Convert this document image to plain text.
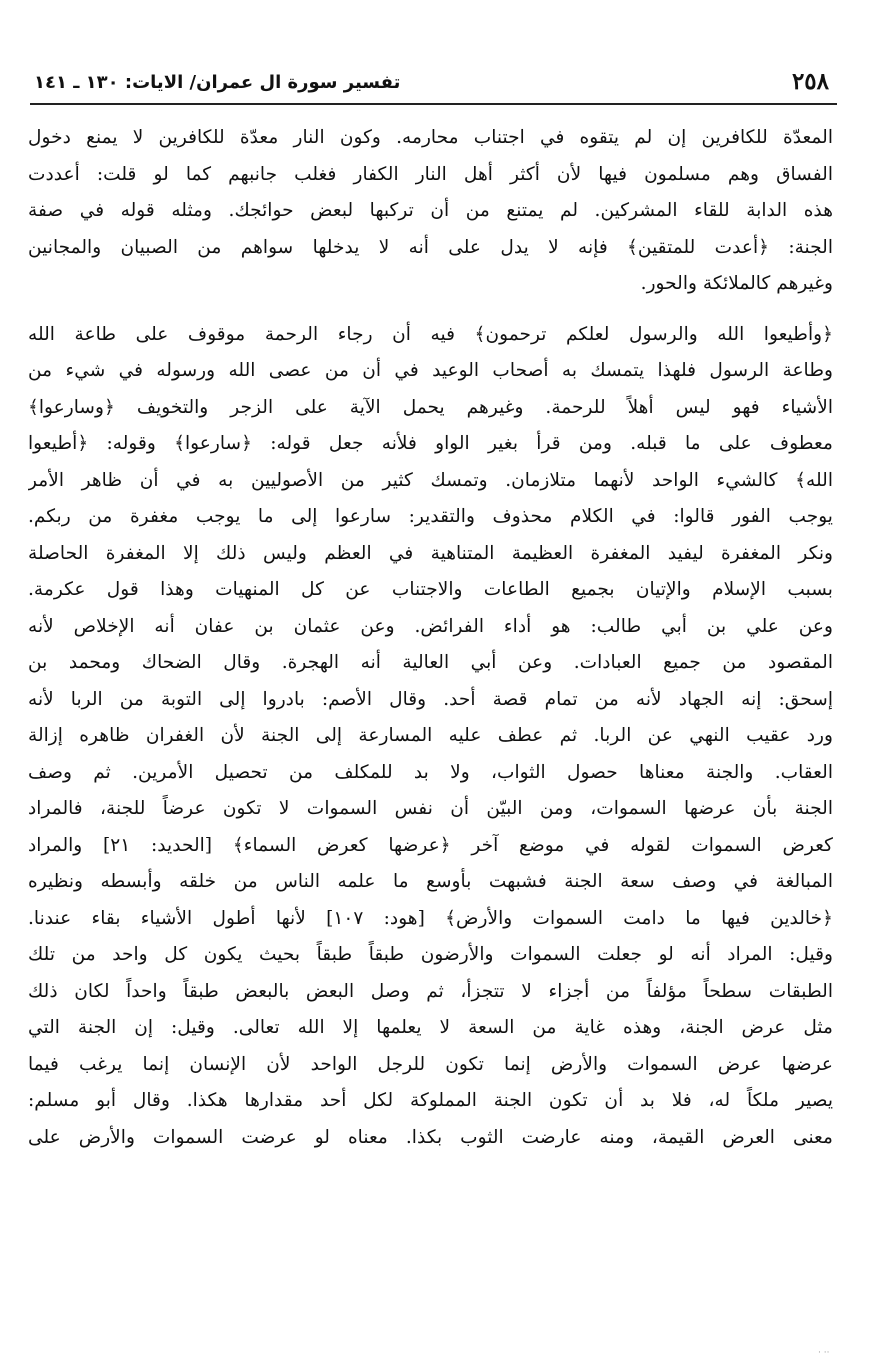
٢٥٨
تفسير سورة ال عمران/ الايات: ١٣٠ ـ ١٤١
المعدّة للكافرين إن لم يتقوه في اجتناب محارمه. وكون النار معدّة للكافرين لا يمنع دخول
الفساق وهم مسلمون فيها لأن أكثر أهل النار الكفار فغلب جانبهم كما لو قلت: أعددت
هذه الدابة للقاء المشركين. لم يمتنع من أن تركبها لبعض حوائجك. ومثله قوله في صفة
الجنة: ﴿أعدت للمتقين﴾ فإنه لا يدل على أنه لا يدخلها سواهم من الصبيان والمجانين
وغيرهم كالملائكة والحور.
﴿وأطيعوا الله والرسول لعلكم ترحمون﴾ فيه أن رجاء الرحمة موقوف على طاعة الله
وطاعة الرسول فلهذا يتمسك به أصحاب الوعيد في أن من عصى الله ورسوله في شيء من
الأشياء فهو ليس أهلاً للرحمة. وغيرهم يحمل الآية على الزجر والتخويف ﴿وسارعوا﴾
معطوف على ما قبله. ومن قرأ بغير الواو فلأنه جعل قوله: ﴿سارعوا﴾ وقوله: ﴿أطيعوا
الله﴾ كالشيء الواحد لأنهما متلازمان. وتمسك كثير من الأصوليين به في أن ظاهر الأمر
يوجب الفور قالوا: في الكلام محذوف والتقدير: سارعوا إلى ما يوجب مغفرة من ربكم.
ونكر المغفرة ليفيد المغفرة العظيمة المتناهية في العظم وليس ذلك إلا المغفرة الحاصلة
بسبب الإسلام والإتيان بجميع الطاعات والاجتناب عن كل المنهيات وهذا قول عكرمة.
وعن علي بن أبي طالب: هو أداء الفرائض. وعن عثمان بن عفان أنه الإخلاص لأنه
المقصود من جميع العبادات. وعن أبي العالية أنه الهجرة. وقال الضحاك ومحمد بن
إسحق: إنه الجهاد لأنه من تمام قصة أحد. وقال الأصم: بادروا إلى التوبة من الربا لأنه
ورد عقيب النهي عن الربا. ثم عطف عليه المسارعة إلى الجنة لأن الغفران ظاهره إزالة
العقاب. والجنة معناها حصول الثواب، ولا بد للمكلف من تحصيل الأمرين. ثم وصف
الجنة بأن عرضها السموات، ومن البيّن أن نفس السموات لا تكون عرضاً للجنة، فالمراد
كعرض السموات لقوله في موضع آخر ﴿عرضها كعرض السماء﴾ [الحديد: ٢١] والمراد
المبالغة في وصف سعة الجنة فشبهت بأوسع ما علمه الناس من خلقه وأبسطه ونظيره
﴿خالدين فيها ما دامت السموات والأرض﴾ [هود: ١٠٧] لأنها أطول الأشياء بقاء عندنا.
وقيل: المراد أنه لو جعلت السموات والأرضون طبقاً طبقاً بحيث يكون كل واحد من تلك
الطبقات سطحاً مؤلفاً من أجزاء لا تتجزأ، ثم وصل البعض بالبعض طبقاً واحداً لكان ذلك
مثل عرض الجنة، وهذه غاية من السعة لا يعلمها إلا الله تعالى. وقيل: إن الجنة التي
عرضها عرض السموات والأرض إنما تكون للرجل الواحد لأن الإنسان إنما يرغب فيما
يصير ملكاً له، فلا بد أن تكون الجنة المملوكة لكل أحد مقدارها هكذا. وقال أبو مسلم:
معنى العرض القيمة، ومنه عارضت الثوب بكذا. معناه لو عرضت السموات والأرض على
·· ·
